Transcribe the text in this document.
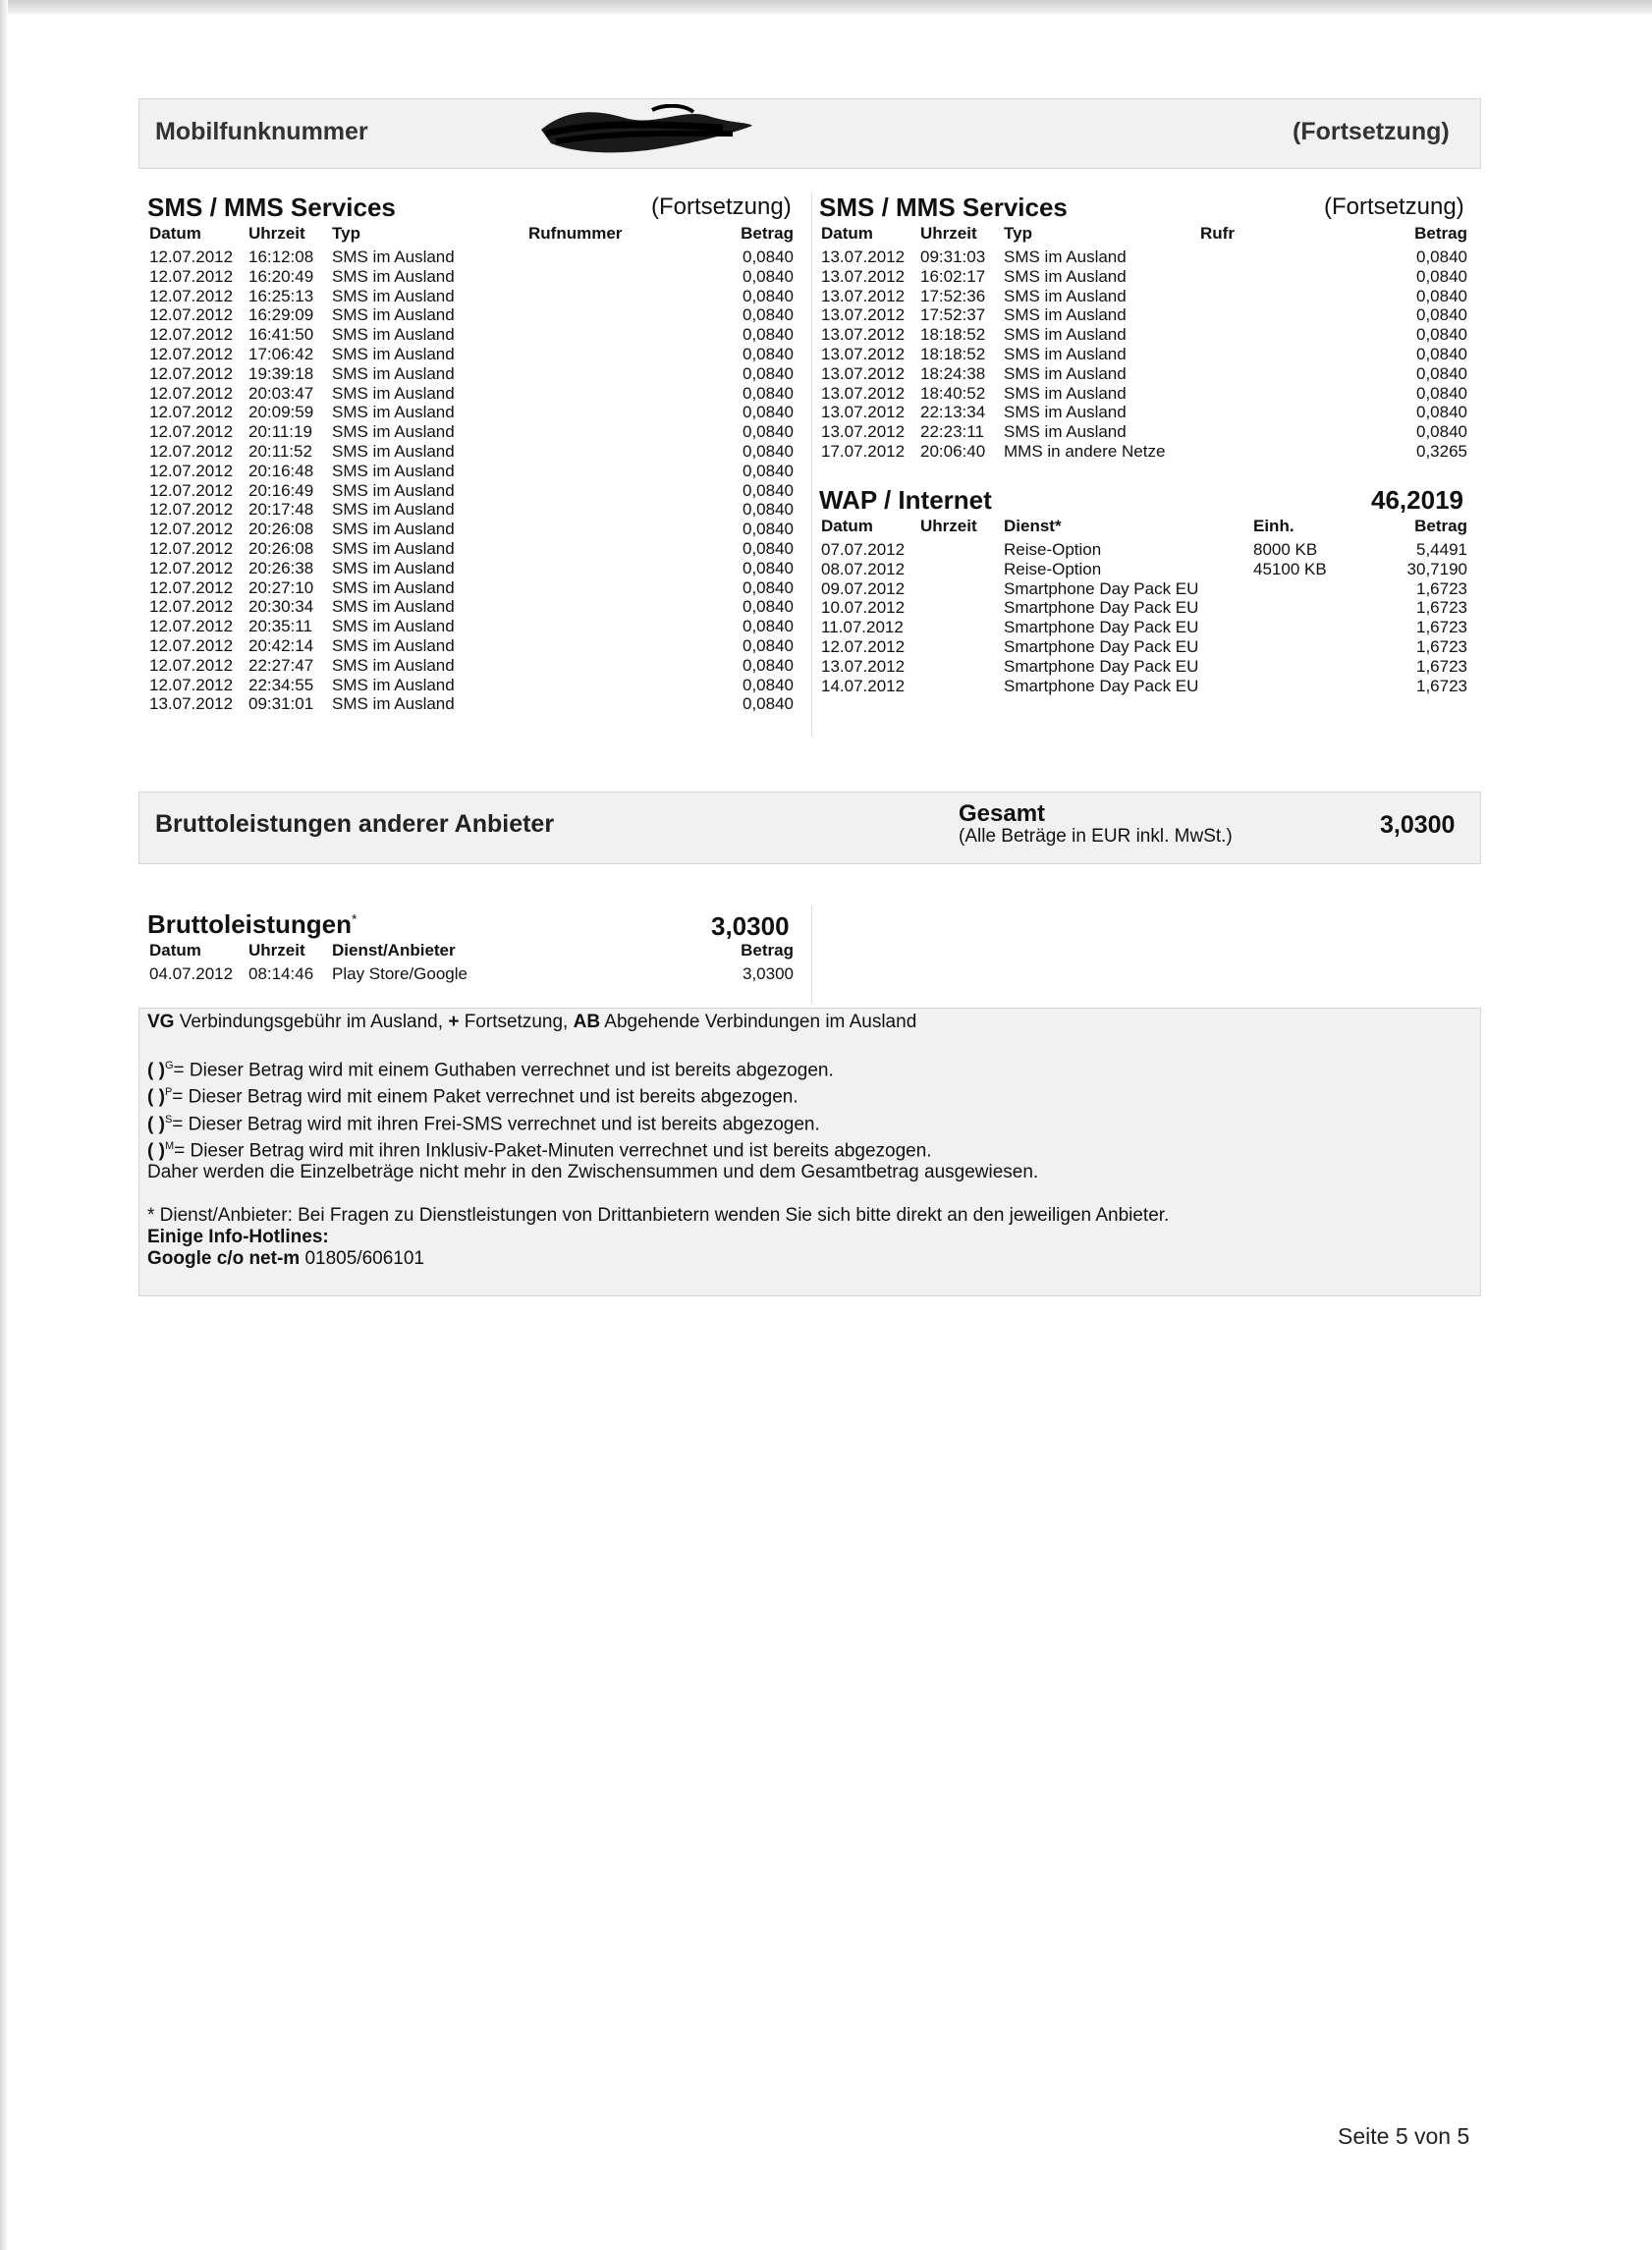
Mobilfunknummer	(Fortsetzung)
SMS / MMS Services	(Fortsetzung)
Datum	Uhrzeit Typ	Rufnummer	Betrag
12.07.2012 16:12:08 SMS im Ausland	0,0840
12.07.2012 16:20:49 SMS im Ausland	0,0840
12.07.2012 16:25:13 SMS im Ausland	0,0840
12.07.2012 16:29:09 SMS im Ausland	0,0840
12.07.2012 16:41:50 SMS im Ausland	0,0840
12.07.2012 17:06:42 SMS im Ausland	0,0840
12.07.2012 19:39:18 SMS im Ausland	0,0840
12.07.2012 20:03:47 SMS im Ausland	0,0840
12.07.2012 20:09:59 SMS im Ausland	0,0840
12.07.2012 20:11:19 SMS im Ausland	0,0840
12.07.2012 20:11:52 SMS im Ausland	0,0840
12.07.2012 20:16:48 SMS im Ausland	0,0840
12.07.2012 20:16:49 SMS im Ausland	0,0840
12.07.2012 20:17:48 SMS im Ausland	0,0840
12.07.2012 20:26:08 SMS im Ausland	0,0840
12.07.2012 20:26:08 SMS im Ausland	0,0840
12.07.2012 20:26:38 SMS im Ausland	0,0840
12.07.2012 20:27:10 SMS im Ausland	0,0840
12.07.2012 20:30:34 SMS im Ausland	0,0840
12.07.2012 20:35:11 SMS im Ausland	0,0840
12.07.2012 20:42:14 SMS im Ausland	0,0840
12.07.2012 22:27:47 SMS im Ausland	0,0840
12.07.2012 22:34:55 SMS im Ausland	0,0840
13.07.2012 09:31:01 SMS im Ausland	0,0840
SMS / MMS Services	(Fortsetzung)
Datum	Uhrzeit Typ	Rufr	Betrag
13.07.2012 09:31:03 SMS im Ausland	0,0840
13.07.2012 16:02:17 SMS im Ausland	0,0840
13.07.2012 17:52:36 SMS im Ausland	0,0840
13.07.2012 17:52:37 SMS im Ausland	0,0840
13.07.2012 18:18:52 SMS im Ausland	0,0840
13.07.2012 18:18:52 SMS im Ausland	0,0840
13.07.2012 18:24:38 SMS im Ausland	0,0840
13.07.2012 18:40:52 SMS im Ausland	0,0840
13.07.2012 22:13:34 SMS im Ausland	0,0840
13.07.2012 22:23:11 SMS im Ausland	0,0840
17.07.2012 20:06:40 MMS in andere Netze	0,3265
WAP / Internet	46,2019
Datum	Uhrzeit Dienst*	Einh.	Betrag
07.07.2012	Reise-Option	8000 KB	5,4491
08.07.2012	Reise-Option	45100 KB	30,7190
09.07.2012	Smartphone Day Pack EU	1,6723
10.07.2012	Smartphone Day Pack EU	1,6723
11.07.2012	Smartphone Day Pack EU	1,6723
12.07.2012	Smartphone Day Pack EU	1,6723
13.07.2012	Smartphone Day Pack EU	1,6723
14.07.2012	Smartphone Day Pack EU	1,6723
Bruttoleistungen anderer Anbieter	Gesamt
(Alle Beträge in EUR inkl. MwSt.)	3,0300
Bruttoleistungen*	3,0300
Datum	Uhrzeit Dienst/Anbieter	Betrag
04.07.2012 08:14:46 Play Store/Google	3,0300

VG Verbindungsgebühr im Ausland, + Fortsetzung, AB Abgehende Verbindungen im Ausland

( )$^G$= Dieser Betrag wird mit einem Guthaben verrechnet und ist bereits abgezogen.

( )$^P$= Dieser Betrag wird mit einem Paket verrechnet und ist bereits abgezogen.

( )$^S$= Dieser Betrag wird mit ihren Frei-SMS verrechnet und ist bereits abgezogen.

( )$^M$= Dieser Betrag wird mit ihren Inklusiv-Paket-Minuten verrechnet und ist bereits abgezogen.

Daher werden die Einzelbeträge nicht mehr in den Zwischensummen und dem Gesamtbetrag ausgewiesen.

* Dienst/Anbieter: Bei Fragen zu Dienstleistungen von Drittanbietern wenden Sie sich bitte direkt an den jeweiligen Anbieter.

Einige Info-Hotlines:

Google c/o net-m 01805/606101

Seite 5 von 5
